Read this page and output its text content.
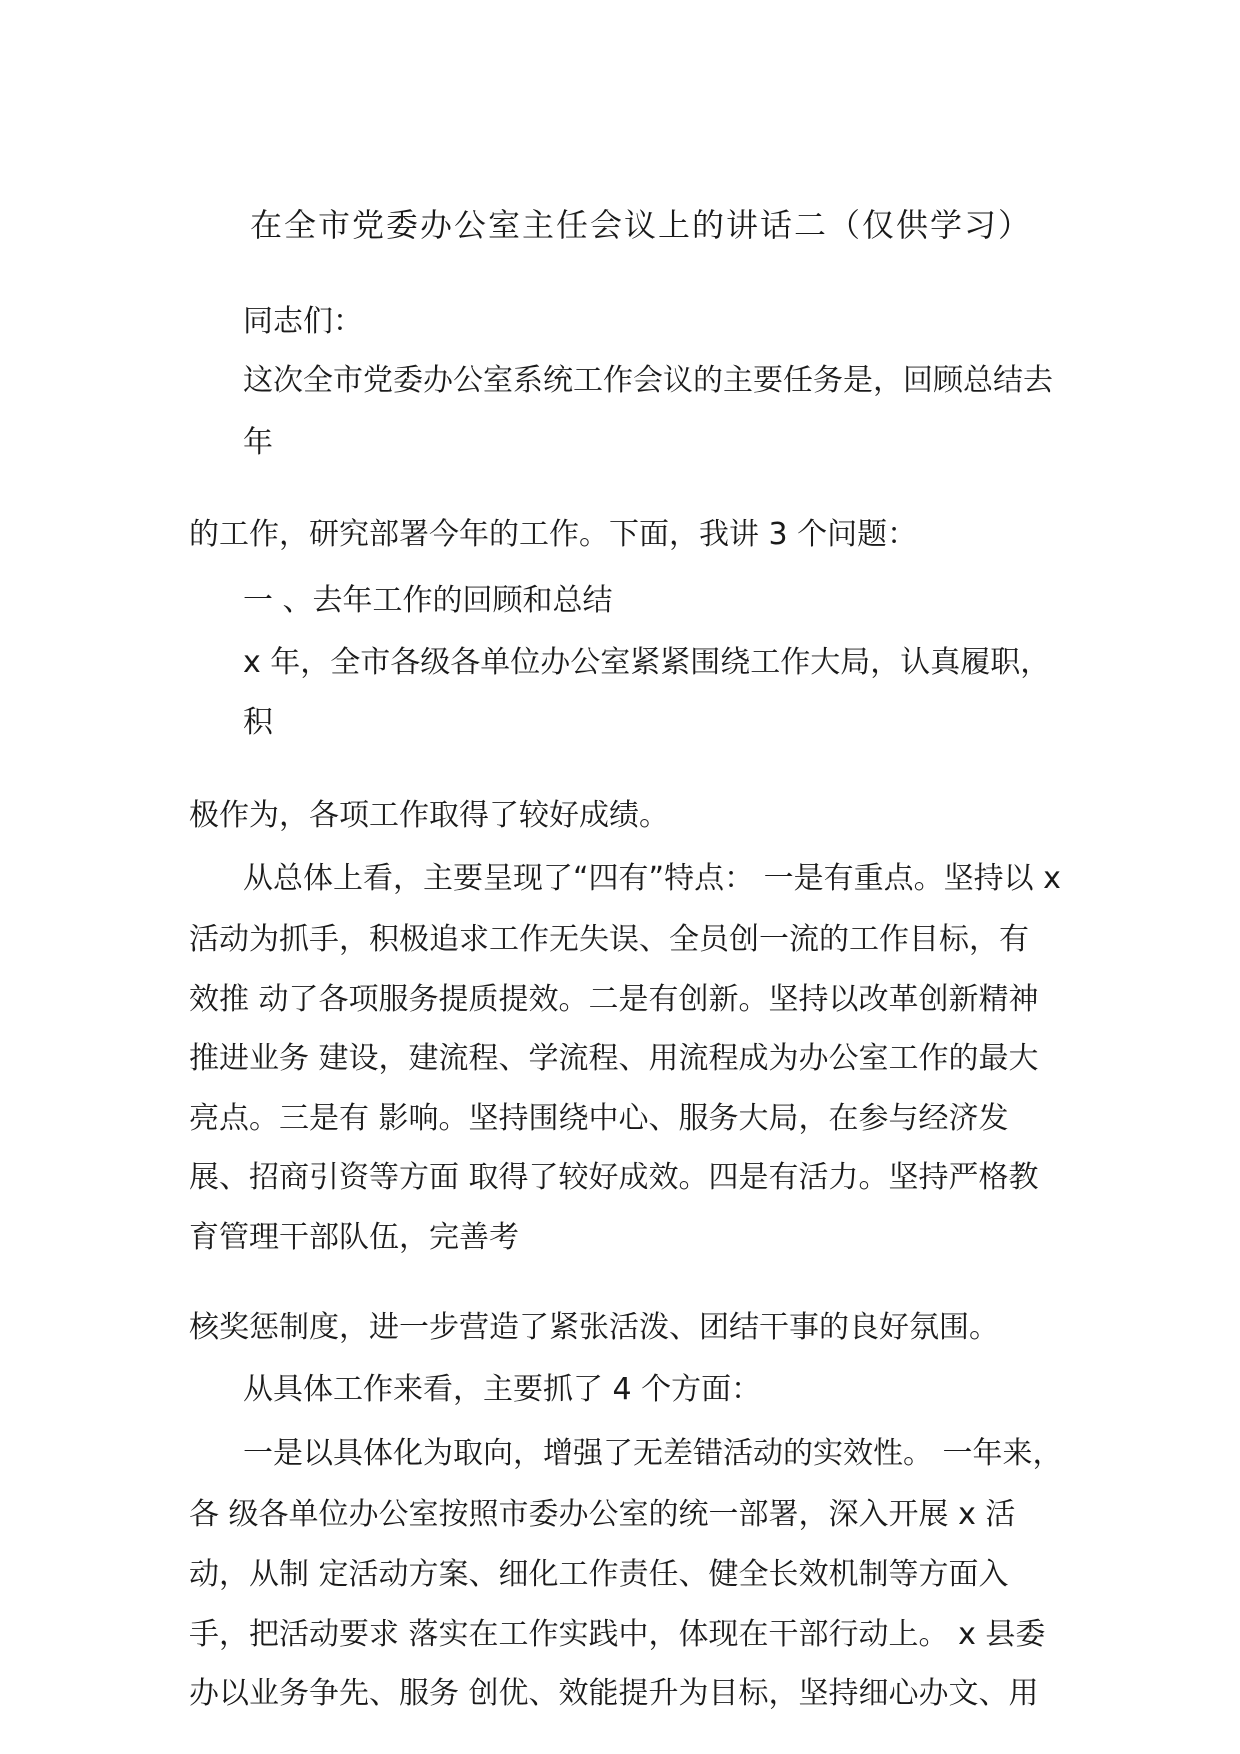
在全市党委办公室主任会议上的讲话二（仅供学习）
同志们：
这次全市党委办公室系统工作会议的主要任务是，回顾总结去
年
的工作，研究部署今年的工作。下面，我讲 3 个问题：
一 、去年工作的回顾和总结
x 年，全市各级各单位办公室紧紧围绕工作大局，认真履职，
积
极作为，各项工作取得了较好成绩。
从总体上看，主要呈现了“四有”特点： 一是有重点。坚持以 x
活动为抓手，积极追求工作无失误、全员创一流的工作目标，有
效推 动了各项服务提质提效。二是有创新。坚持以改革创新精神
推进业务 建设，建流程、学流程、用流程成为办公室工作的最大
亮点。三是有 影响。坚持围绕中心、服务大局，在参与经济发
展、招商引资等方面 取得了较好成效。四是有活力。坚持严格教
育管理干部队伍，完善考
核奖惩制度，进一步营造了紧张活泼、团结干事的良好氛围。
从具体工作来看，主要抓了 4 个方面：
一是以具体化为取向，增强了无差错活动的实效性。 一年来，
各 级各单位办公室按照市委办公室的统一部署，深入开展 x 活
动，从制 定活动方案、细化工作责任、健全长效机制等方面入
手，把活动要求 落实在工作实践中，体现在干部行动上。 x 县委
办以业务争先、服务 创优、效能提升为目标，坚持细心办文、用
